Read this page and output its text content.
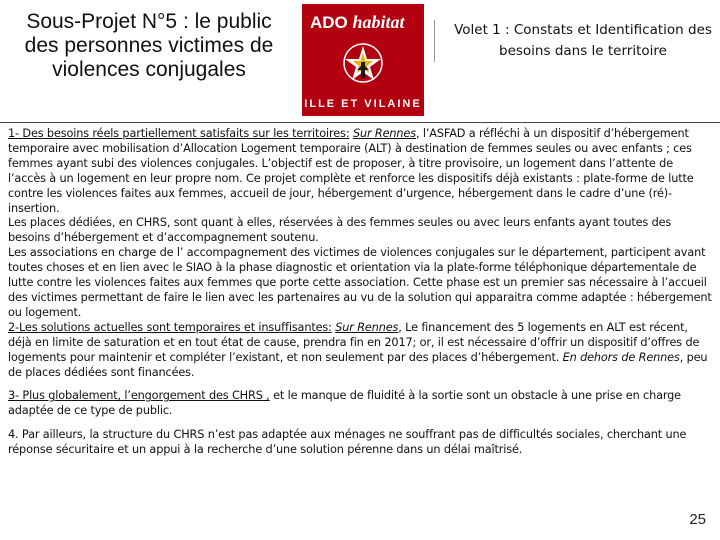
Sous-Projet N°5 : le public des personnes victimes de violences conjugales
ADO habitat
ILLE ET VILAINE
Volet 1 : Constats et Identification des besoins dans le territoire

1- Des besoins réels partiellement satisfaits sur les territoires: Sur Rennes, l’ASFAD a réfléchi à un dispositif d’hébergement temporaire avec mobilisation d’Allocation Logement temporaire (ALT) à destination de femmes seules ou avec enfants ; ces femmes ayant subi des violences conjugales. L’objectif est de proposer, à titre provisoire, un logement dans l’attente de l’accès à un logement en leur propre nom. Ce projet complète et renforce les dispositifs déjà existants : plate-forme de lutte contre les violences faites aux femmes, accueil de jour, hébergement d’urgence, hébergement dans le cadre d’une (ré)-insertion.

Les places dédiées, en CHRS, sont quant à elles, réservées à des femmes seules ou avec leurs enfants ayant toutes des besoins d’hébergement et d’accompagnement soutenu.

Les associations en charge de l’ accompagnement des victimes de violences conjugales sur le département, participent avant toutes choses et en lien avec le SIAO à la phase diagnostic et orientation via la plate-forme téléphonique départementale de lutte contre les violences faites aux femmes que porte cette association. Cette phase est un premier sas nécessaire à l’accueil des victimes permettant de faire le lien avec les partenaires au vu de la solution qui apparaitra comme adaptée : hébergement ou logement.

2-Les solutions actuelles sont temporaires et insuffisantes: Sur Rennes, Le financement des 5 logements en ALT est récent, déjà en limite de saturation et en tout état de cause, prendra fin en 2017; or, il est nécessaire d’offrir un dispositif d’offres de logements pour maintenir et compléter l’existant, et non seulement par des places d’hébergement. En dehors de Rennes, peu de places dédiées sont financées.

3- Plus globalement, l’engorgement des CHRS , et le manque de fluidité à la sortie sont un obstacle à une prise en charge adaptée de ce type de public.

4. Par ailleurs, la structure du CHRS n’est pas adaptée aux ménages ne souffrant pas de difficultés sociales, cherchant une réponse sécuritaire et un appui à la recherche d’une solution pérenne dans un délai maîtrisé.

25
